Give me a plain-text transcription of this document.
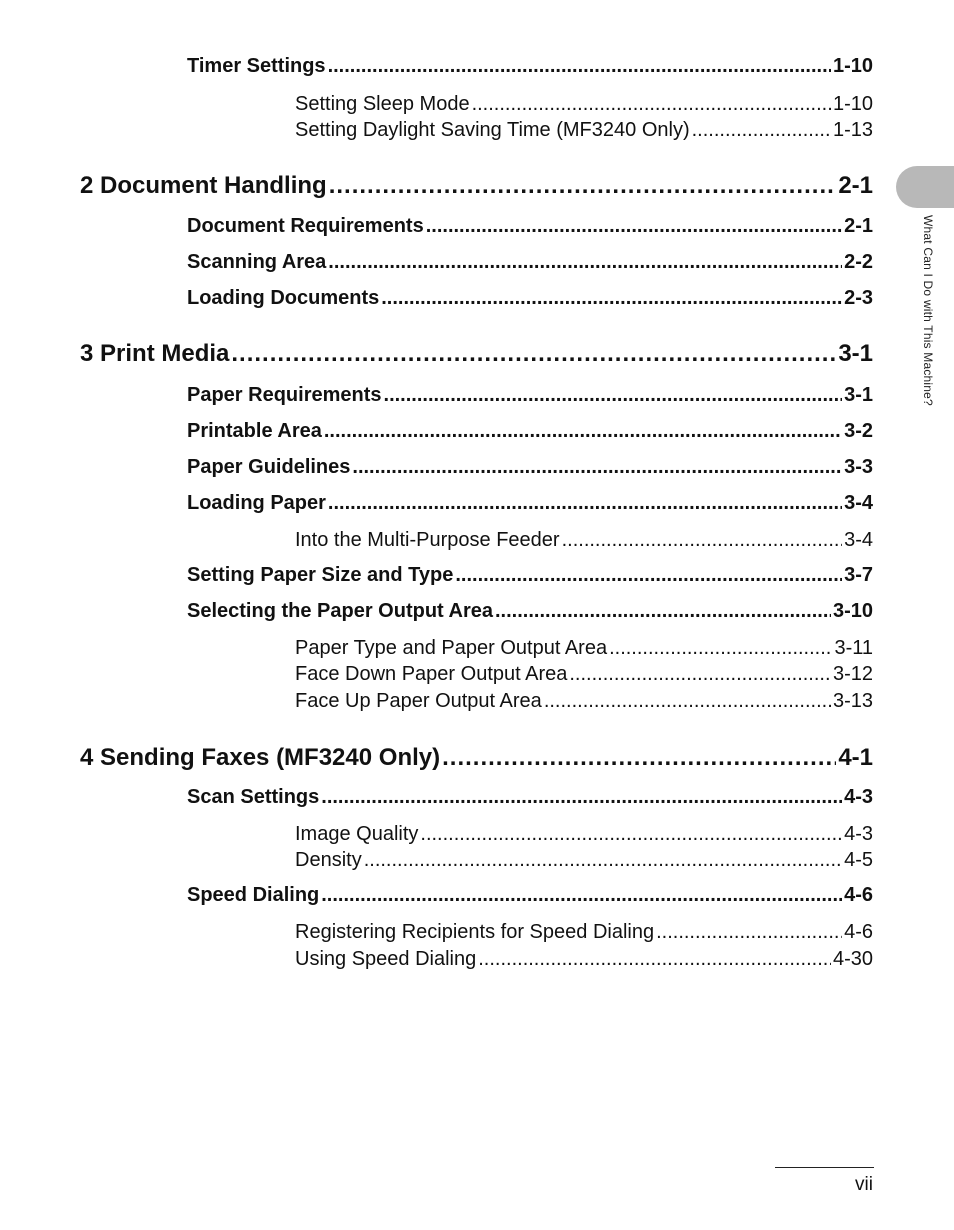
Timer Settings .....	1-10
Setting Sleep Mode .....	1-10
Setting Daylight Saving Time (MF3240 Only) .....	1-13
2 Document Handling .....	2-1
Document Requirements .....	2-1
Scanning Area .....	2-2
Loading Documents .....	2-3
3 Print Media .....	3-1
Paper Requirements .....	3-1
Printable Area .....	3-2
Paper Guidelines .....	3-3
Loading Paper .....	3-4
Into the Multi-Purpose Feeder .....	3-4
Setting Paper Size and Type .....	3-7
Selecting the Paper Output Area .....	3-10
Paper Type and Paper Output Area .....	3-11
Face Down Paper Output Area .....	3-12
Face Up Paper Output Area .....	3-13
4 Sending Faxes (MF3240 Only) .....	4-1
Scan Settings .....	4-3
Image Quality .....	4-3
Density .....	4-5
Speed Dialing .....	4-6
Registering Recipients for Speed Dialing .....	4-6
Using Speed Dialing .....	4-30
What Can I Do with This Machine?
vii
